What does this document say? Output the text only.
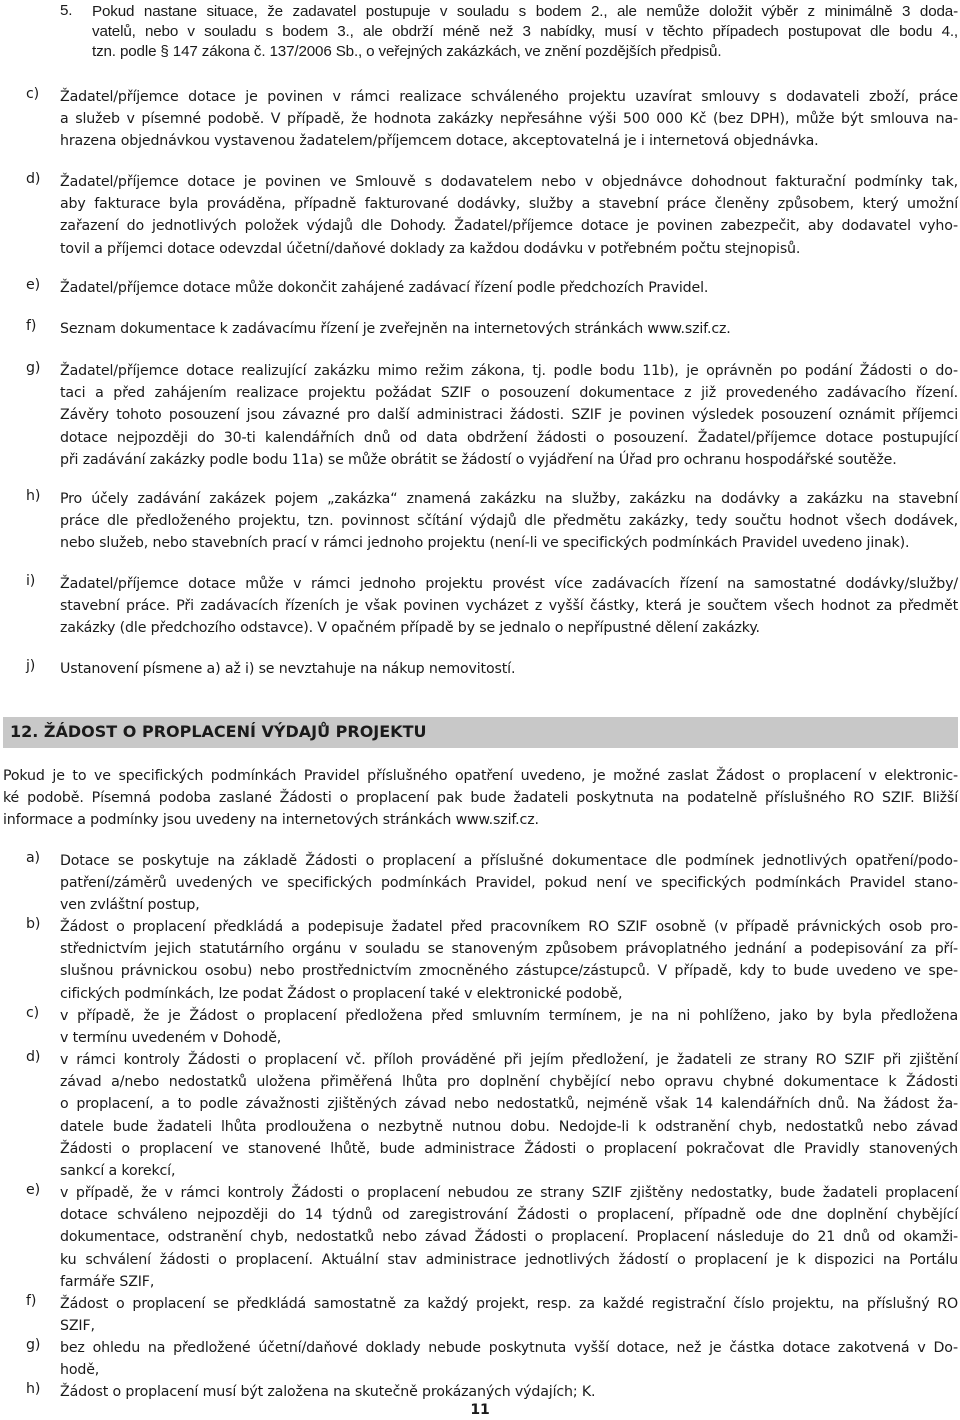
5. Pokud nastane situace, že zadavatel postupuje v souladu s bodem 2., ale nemůže doložit výběr z minimálně 3 doda-
vatelů, nebo v souladu s bodem 3., ale obdrží méně než 3 nabídky, musí v těchto případech postupovat dle bodu 4.,
tzn. podle § 147 zákona č. 137/2006 Sb., o veřejných zakázkách, ve znění pozdějších předpisů.
c) Žadatel/příjemce dotace je povinen v rámci realizace schváleného projektu uzavírat smlouvy s dodavateli zboží, práce
a služeb v písemné podobě. V případě, že hodnota zakázky nepřesáhne výši 500 000 Kč (bez DPH), může být smlouva na-
hrazena objednávkou vystavenou žadatelem/příjemcem dotace, akceptovatelná je i internetová objednávka.
d) Žadatel/příjemce dotace je povinen ve Smlouvě s dodavatelem nebo v objednávce dohodnout fakturační podmínky tak,
aby fakturace byla prováděna, případně fakturované dodávky, služby a stavební práce členěny způsobem, který umožní
zařazení do jednotlivých položek výdajů dle Dohody. Žadatel/příjemce dotace je povinen zabezpečit, aby dodavatel vyho-
tovil a příjemci dotace odevzdal účetní/daňové doklady za každou dodávku v potřebném počtu stejnopisů.
e) Žadatel/příjemce dotace může dokončit zahájené zadávací řízení podle předchozích Pravidel.
f) Seznam dokumentace k zadávacímu řízení je zveřejněn na internetových stránkách www.szif.cz.
g) Žadatel/příjemce dotace realizující zakázku mimo režim zákona, tj. podle bodu 11b), je oprávněn po podání Žádosti o do-
taci a před zahájením realizace projektu požádat SZIF o posouzení dokumentace z již provedeného zadávacího řízení.
Závěry tohoto posouzení jsou závazné pro další administraci žádosti. SZIF je povinen výsledek posouzení oznámit příjemci
dotace nejpozději do 30-ti kalendářních dnů od data obdržení žádosti o posouzení. Žadatel/příjemce dotace postupující
při zadávání zakázky podle bodu 11a) se může obrátit se žádostí o vyjádření na Úřad pro ochranu hospodářské soutěže.
h) Pro účely zadávání zakázek pojem „zakázka“ znamená zakázku na služby, zakázku na dodávky a zakázku na stavební
práce dle předloženého projektu, tzn. povinnost sčítání výdajů dle předmětu zakázky, tedy součtu hodnot všech dodávek,
nebo služeb, nebo stavebních prací v rámci jednoho projektu (není-li ve specifických podmínkách Pravidel uvedeno jinak).
i) Žadatel/příjemce dotace může v rámci jednoho projektu provést více zadávacích řízení na samostatné dodávky/služby/
stavební práce. Při zadávacích řízeních je však povinen vycházet z vyšší částky, která je součtem všech hodnot za předmět
zakázky (dle předchozího odstavce). V opačném případě by se jednalo o nepřípustné dělení zakázky.
j) Ustanovení písmene a) až i) se nevztahuje na nákup nemovitostí.
12. ŽÁDOST O PROPLACENÍ VÝDAJŮ PROJEKTU
Pokud je to ve specifických podmínkách Pravidel příslušného opatření uvedeno, je možné zaslat Žádost o proplacení v elektronic-
ké podobě. Písemná podoba zaslané Žádosti o proplacení pak bude žadateli poskytnuta na podatelně příslušného RO SZIF. Bližší
informace a podmínky jsou uvedeny na internetových stránkách www.szif.cz.
a) Dotace se poskytuje na základě Žádosti o proplacení a příslušné dokumentace dle podmínek jednotlivých opatření/podo-
patření/záměrů uvedených ve specifických podmínkách Pravidel, pokud není ve specifických podmínkách Pravidel stano-
ven zvláštní postup,
b) Žádost o proplacení předkládá a podepisuje žadatel před pracovníkem RO SZIF osobně (v případě právnických osob pro-
střednictvím jejich statutárního orgánu v souladu se stanoveným způsobem právoplatného jednání a podepisování za pří-
slušnou právnickou osobu) nebo prostřednictvím zmocněného zástupce/zástupců. V případě, kdy to bude uvedeno ve spe-
cifických podmínkách, lze podat Žádost o proplacení také v elektronické podobě,
c) v případě, že je Žádost o proplacení předložena před smluvním termínem, je na ni pohlíženo, jako by byla předložena
v termínu uvedeném v Dohodě,
d) v rámci kontroly Žádosti o proplacení vč. příloh prováděné při jejím předložení, je žadateli ze strany RO SZIF při zjištění
závad a/nebo nedostatků uložena přiměřená lhůta pro doplnění chybějící nebo opravu chybné dokumentace k Žádosti
o proplacení, a to podle závažnosti zjištěných závad nebo nedostatků, nejméně však 14 kalendářních dnů. Na žádost ža-
datele bude žadateli lhůta prodloužena o nezbytně nutnou dobu. Nedojde-li k odstranění chyb, nedostatků nebo závad
Žádosti o proplacení ve stanovené lhůtě, bude administrace Žádosti o proplacení pokračovat dle Pravidly stanovených
sankcí a korekcí,
e) v případě, že v rámci kontroly Žádosti o proplacení nebudou ze strany SZIF zjištěny nedostatky, bude žadateli proplacení
dotace schváleno nejpozději do 14 týdnů od zaregistrování Žádosti o proplacení, případně ode dne doplnění chybějící
dokumentace, odstranění chyb, nedostatků nebo závad Žádosti o proplacení. Proplacení následuje do 21 dnů od okamži-
ku schválení žádosti o proplacení. Aktuální stav administrace jednotlivých žádostí o proplacení je k dispozici na Portálu
farmáře SZIF,
f) Žádost o proplacení se předkládá samostatně za každý projekt, resp. za každé registrační číslo projektu, na příslušný RO
SZIF,
g) bez ohledu na předložené účetní/daňové doklady nebude poskytnuta vyšší dotace, než je částka dotace zakotvená v Do-
hodě,
h) Žádost o proplacení musí být založena na skutečně prokázaných výdajích; K.
11
